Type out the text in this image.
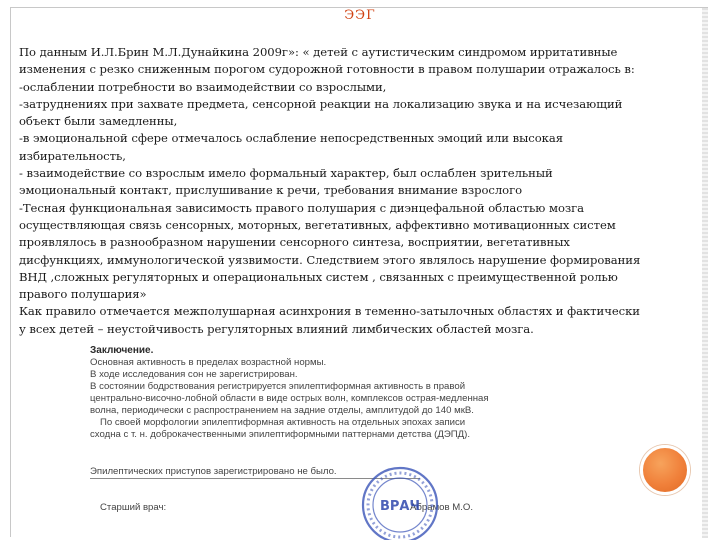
ЭЭГ
По данным И.Л.Брин М.Л.Дунайкина 2009г»: « детей с аутистическим синдромом ирритативные
изменения с резко сниженным порогом судорожной готовности в правом полушарии отражалось в:
-ослаблении потребности во взаимодействии со взрослыми,
-затруднениях при захвате предмета, сенсорной реакции на локализацию звука и на исчезающий
объект были замедленны,
-в эмоциональной сфере отмечалось ослабление непосредственных эмоций или высокая
избирательность,
- взаимодействие со взрослым имело формальный характер, был ослаблен зрительный
эмоциональный контакт, прислушивание к речи, требования внимание взрослого
-Тесная функциональная зависимость правого полушария с диэнцефальной областью мозга
осуществляющая связь сенсорных, моторных, вегетативных, аффективно мотивационных систем
проявлялось в разнообразном нарушении сенсорного синтеза, восприятии, вегетативных
дисфункциях, иммунологической уязвимости. Следствием этого являлось нарушение формирования
ВНД ,сложных регуляторных и операциональных систем , связанных с преимущественной ролью
правого полушария»
Как правило отмечается межполушарная асинхрония в теменно-затылочных областях и фактически
у всех детей – неустойчивость регуляторных влияний лимбических областей мозга.
Заключение.
Основная активность в пределах возрастной нормы.
В ходе исследования сон не зарегистрирован.
В состоянии бодрствования регистрируется эпилептиформная активность в правой
центрально-височно-лобной области в виде острых волн, комплексов острая-медленная
волна, периодически с распространением на задние отделы, амплитудой до 140 мкВ.
По своей морфологии эпилептиформная активность на отдельных эпохах записи
сходна с т. н. доброкачественными эпилептиформными паттернами детства (ДЭПД).
Эпилептических приступов зарегистрировано не было.
Старший врач:	Абрамов М.О.
ВРАЧ
